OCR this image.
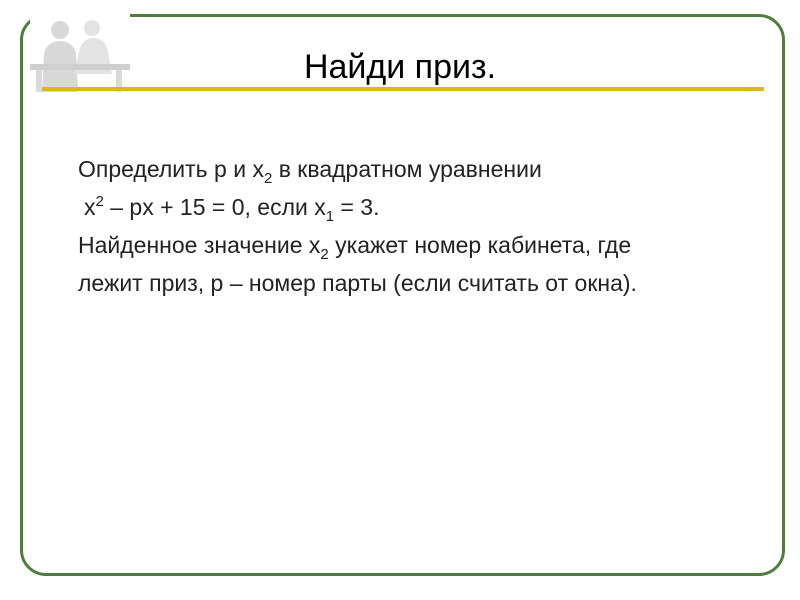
Найди приз.
Определить p и $x_2$ в квадратном уравнении
$x^2$ – px + 15 = 0, если $x_1 = 3$.
Найденное значение $x_2$ укажет номер кабинета, где
лежит приз, p – номер парты (если считать от окна).
